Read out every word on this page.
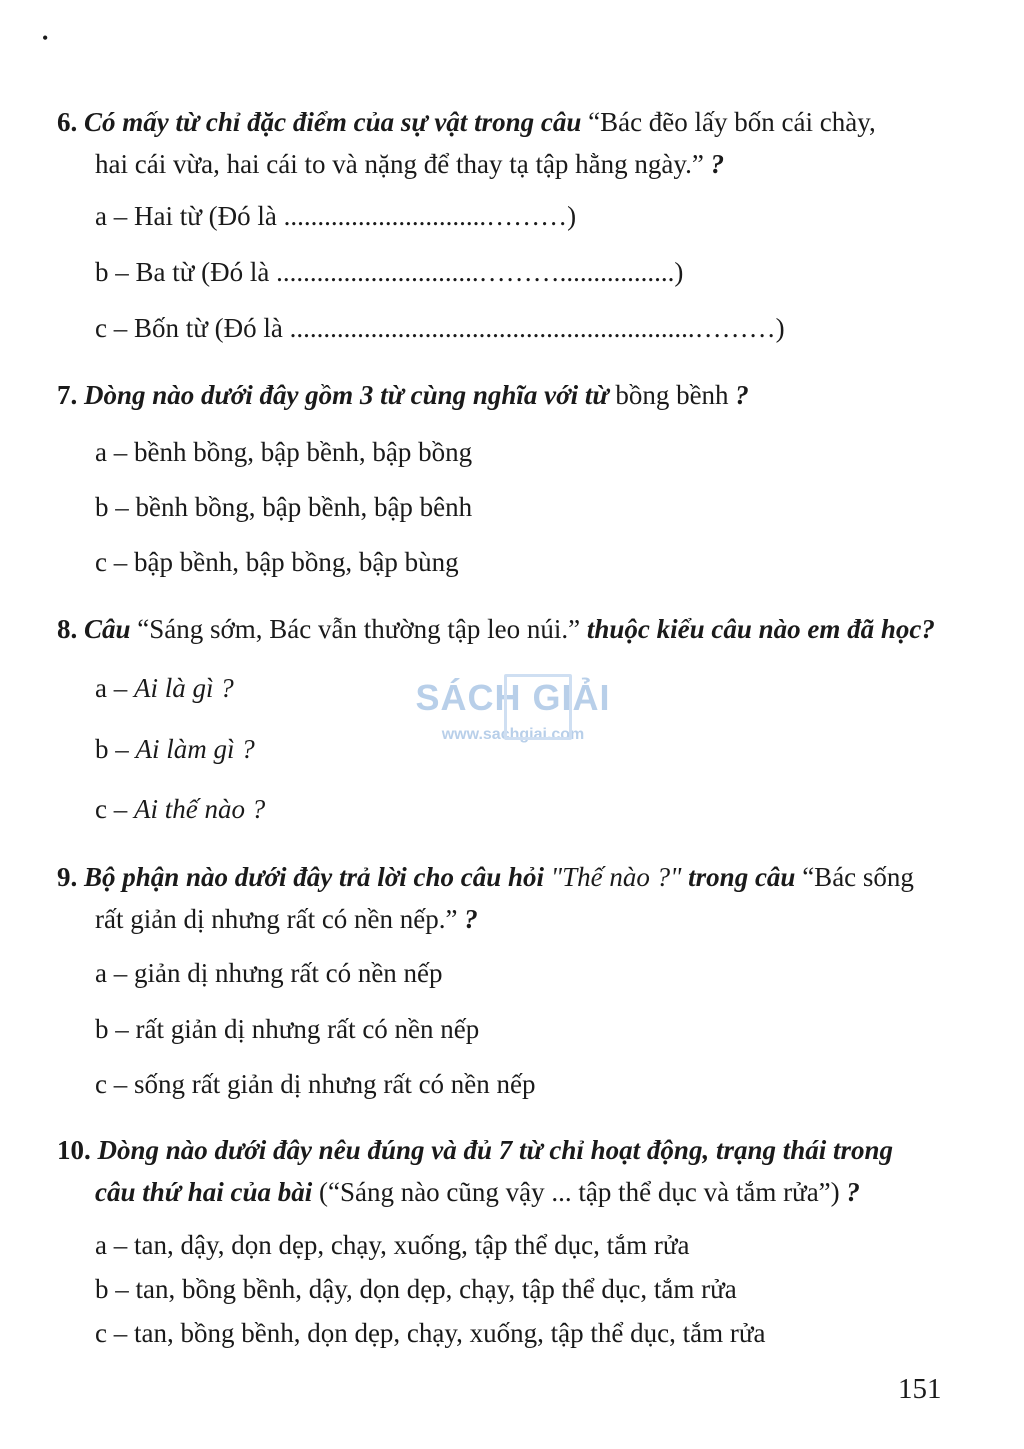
•
6. Có mấy từ chỉ đặc điểm của sự vật trong câu “Bác đẽo lấy bốn cái chày,
hai cái vừa, hai cái to và nặng để thay tạ tập hằng ngày.” ?
a – Hai từ (Đó là ..............................………)
b – Ba từ (Đó là ..............................……….................)
c – Bốn từ (Đó là ............................................................………)
7. Dòng nào dưới đây gồm 3 từ cùng nghĩa với từ bồng bềnh ?
a – bềnh bồng, bập bềnh, bập bồng
b – bềnh bồng, bập bềnh, bập bênh
c – bập bềnh, bập bồng, bập bùng
8. Câu “Sáng sớm, Bác vẫn thường tập leo núi.” thuộc kiểu câu nào em đã học?
a – Ai là gì ?
b – Ai làm gì ?
c – Ai thế nào ?
SÁCH GIẢI
www.sachgiai.com
9. Bộ phận nào dưới đây trả lời cho câu hỏi "Thế nào ?" trong câu “Bác sống
rất giản dị nhưng rất có nền nếp.” ?
a – giản dị nhưng rất có nền nếp
b – rất giản dị nhưng rất có nền nếp
c – sống rất giản dị nhưng rất có nền nếp
10. Dòng nào dưới đây nêu đúng và đủ 7 từ chỉ hoạt động, trạng thái trong
câu thứ hai của bài (“Sáng nào cũng vậy ... tập thể dục và tắm rửa”) ?
a – tan, dậy, dọn dẹp, chạy, xuống, tập thể dục, tắm rửa
b – tan, bồng bềnh, dậy, dọn dẹp, chạy, tập thể dục, tắm rửa
c – tan, bồng bềnh, dọn dẹp, chạy, xuống, tập thể dục, tắm rửa
151
